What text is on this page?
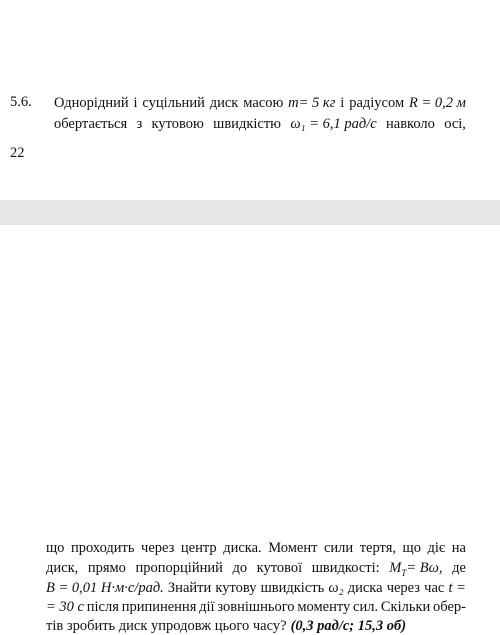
5.6. Однорідний і суцільний диск масою m= 5 кг і радіусом R = 0,2 м
обертається з кутовою швидкістю ω₁ = 6,1 рад/с навколо осі,
22
що проходить через центр диска. Момент сили тертя, що діє на
диск, прямо пропорційний до кутової швидкості: $M_T= B\omega$, де
B = 0,01 Н·м·с/рад. Знайти кутову швидкість ω₂ диска через час t =
= 30 с після припинення дії зовнішнього моменту сил. Скільки обер-
тів зробить диск упродовж цього часу? (0,3 рад/с; 15,3 об)
